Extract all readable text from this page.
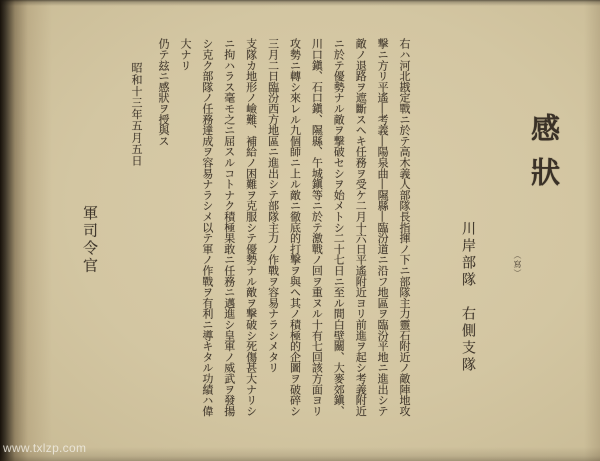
感狀
（寫）
川岸部隊　右側支隊

右ハ河北戡定戰ニ於テ高木義人部隊長指揮ノ下ニ部隊主力靈石附近ノ敵陣地攻

撃ニ方リ平遙―考義―陽泉曲―隰縣―臨汾道ニ沿フ地區ヲ臨汾平地ニ進出シテ

敵ノ退路ヲ遮斷スヘキ任務ヲ受ケ二月十六日平遙附近ヨリ前進ヲ起シ考義附近

ニ於テ優勢ナル敵ヲ撃破セシヲ始メトシ二十七日ニ至ル間白壁關、大麥郊鎭、

川口鎭、石口鎭、隰縣、午城鎭等ニ於テ激戰ノ回ヲ重ヌル十有七回該方面ヨリ

攻勢ニ轉シ來レル九個師ニ上ル敵ニ徹底的打撃ヲ與ヘ其ノ積極的企圖ヲ破碎シ

三月二日臨汾西方地區ニ進出シテ部隊主力ノ作戰ヲ容易ナラシメタリ

支隊カ地形ノ嶮難、補給ノ困難ヲ克服シテ優勢ナル敵ヲ撃破シ死傷甚大ナリシ

ニ拘ハラス毫モ之ニ屈スルコトナク積極果敢ニ任務ニ邁進シ皇軍ノ威武ヲ發揚

シ克ク部隊ノ任務達成ヲ容易ナラシメ以テ軍ノ作戰ヲ有利ニ導キタル功績ハ偉

大ナリ

仍テ玆ニ感狀ヲ授與ス

昭和十三年五月五日
軍司令官
www.txlzp.com
